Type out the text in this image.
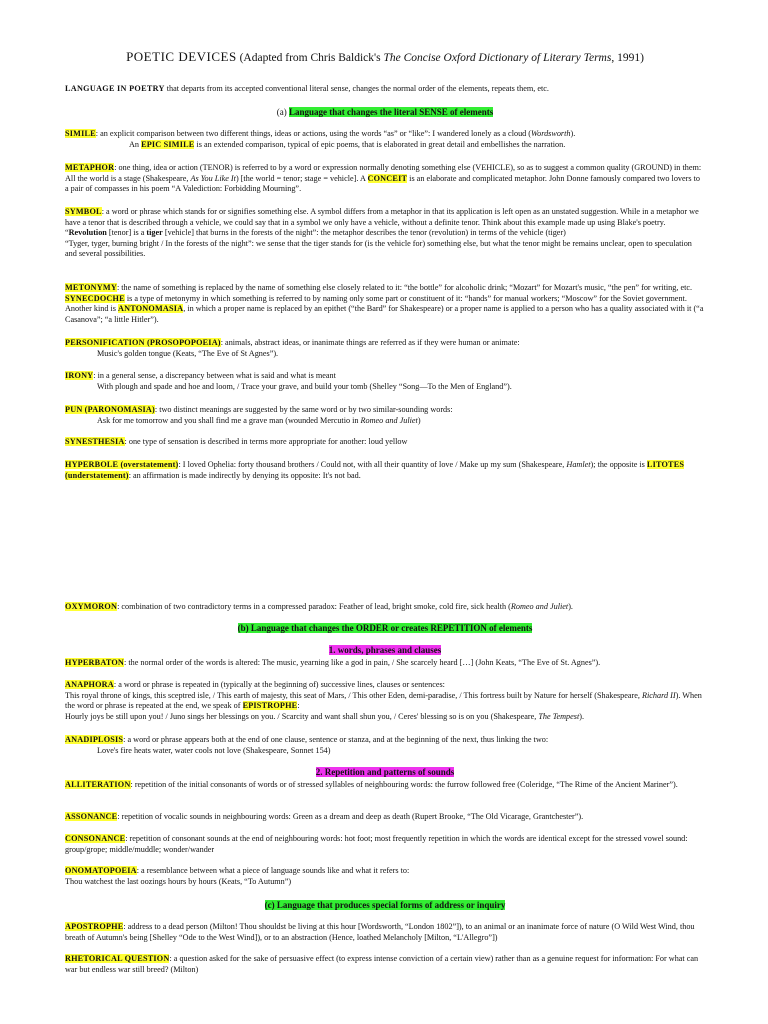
POETIC DEVICES (Adapted from Chris Baldick's The Concise Oxford Dictionary of Literary Terms, 1991)
LANGUAGE IN POETRY that departs from its accepted conventional literal sense, changes the normal order of the elements, repeats them, etc.
(a) Language that changes the literal SENSE of elements
SIMILE: an explicit comparison between two different things, ideas or actions, using the words “as” or “like”: I wandered lonely as a cloud (Wordsworth).
An EPIC SIMILE is an extended comparison, typical of epic poems, that is elaborated in great detail and embellishes the narration.
METAPHOR: one thing, idea or action (TENOR) is referred to by a word or expression normally denoting something else (VEHICLE), so as to suggest a common quality (GROUND) in them: All the world is a stage (Shakespeare, As You Like It) [the world = tenor; stage = vehicle]. A CONCEIT is an elaborate and complicated metaphor. John Donne famously compared two lovers to a pair of compasses in his poem “A Valediction: Forbidding Mourning”.
SYMBOL: a word or phrase which stands for or signifies something else. A symbol differs from a metaphor in that its application is left open as an unstated suggestion. While in a metaphor we have a tenor that is described through a vehicle, we could say that in a symbol we only have a vehicle, without a definite tenor. Think about this example made up using Blake's poetry.
“Revolution [tenor] is a tiger [vehicle] that burns in the forests of the night”: the metaphor describes the tenor (revolution) in terms of the vehicle (tiger)
“Tyger, tyger, burning bright / In the forests of the night”: we sense that the tiger stands for (is the vehicle for) something else, but what the tenor might be remains unclear, open to speculation and several possibilities.
METONYMY: the name of something is replaced by the name of something else closely related to it: “the bottle” for alcoholic drink; “Mozart” for Mozart's music, “the pen” for writing, etc. SYNECDOCHE is a type of metonymy in which something is referred to by naming only some part or constituent of it: “hands” for manual workers; “Moscow” for the Soviet government. Another kind is ANTONOMASIA, in which a proper name is replaced by an epithet (“the Bard” for Shakespeare) or a proper name is applied to a person who has a quality associated with it (“a Casanova”; “a little Hitler”).
PERSONIFICATION (PROSOPOPOEIA): animals, abstract ideas, or inanimate things are referred as if they were human or animate:
Music's golden tongue (Keats, “The Eve of St Agnes”).
IRONY: in a general sense, a discrepancy between what is said and what is meant
With plough and spade and hoe and loom, / Trace your grave, and build your tomb (Shelley “Song—To the Men of England”).
PUN (PARONOMASIA): two distinct meanings are suggested by the same word or by two similar-sounding words:
Ask for me tomorrow and you shall find me a grave man (wounded Mercutio in Romeo and Juliet)
SYNESTHESIA: one type of sensation is described in terms more appropriate for another: loud yellow
HYPERBOLE (overstatement): I loved Ophelia: forty thousand brothers / Could not, with all their quantity of love / Make up my sum (Shakespeare, Hamlet); the opposite is LITOTES (understatement): an affirmation is made indirectly by denying its opposite: It's not bad.
OXYMORON: combination of two contradictory terms in a compressed paradox: Feather of lead, bright smoke, cold fire, sick health (Romeo and Juliet).
(b) Language that changes the ORDER or creates REPETITION of elements
1. words, phrases and clauses
HYPERBATON: the normal order of the words is altered: The music, yearning like a god in pain, / She scarcely heard […] (John Keats, “The Eve of St. Agnes”).
ANAPHORA: a word or phrase is repeated in (typically at the beginning of) successive lines, clauses or sentences:
This royal throne of kings, this sceptred isle, / This earth of majesty, this seat of Mars, / This other Eden, demi-paradise, / This fortress built by Nature for herself (Shakespeare, Richard II). When the word or phrase is repeated at the end, we speak of EPISTROPHE:
Hourly joys be still upon you! / Juno sings her blessings on you. / Scarcity and want shall shun you, / Ceres' blessing so is on you (Shakespeare, The Tempest).
ANADIPLOSIS: a word or phrase appears both at the end of one clause, sentence or stanza, and at the beginning of the next, thus linking the two:
Love's fire heats water, water cools not love (Shakespeare, Sonnet 154)
2. Repetition and patterns of sounds
ALLITERATION: repetition of the initial consonants of words or of stressed syllables of neighbouring words: the furrow followed free (Coleridge, “The Rime of the Ancient Mariner”).
ASSONANCE: repetition of vocalic sounds in neighbouring words: Green as a dream and deep as death (Rupert Brooke, “The Old Vicarage, Grantchester”).
CONSONANCE: repetition of consonant sounds at the end of neighbouring words: hot foot; most frequently repetition in which the words are identical except for the stressed vowel sound: group/grope; middle/muddle; wonder/wander
ONOMATOPOEIA: a resemblance between what a piece of language sounds like and what it refers to:
Thou watchest the last oozings hours by hours (Keats, “To Autumn”)
(c) Language that produces special forms of address or inquiry
APOSTROPHE: address to a dead person (Milton! Thou shouldst be living at this hour [Wordsworth, “London 1802”]), to an animal or an inanimate force of nature (O Wild West Wind, thou breath of Autumn's being [Shelley “Ode to the West Wind]), or to an abstraction (Hence, loathed Melancholy [Milton, “L'Allegro”])
RHETORICAL QUESTION: a question asked for the sake of persuasive effect (to express intense conviction of a certain view) rather than as a genuine request for information: For what can war but endless war still breed? (Milton)
